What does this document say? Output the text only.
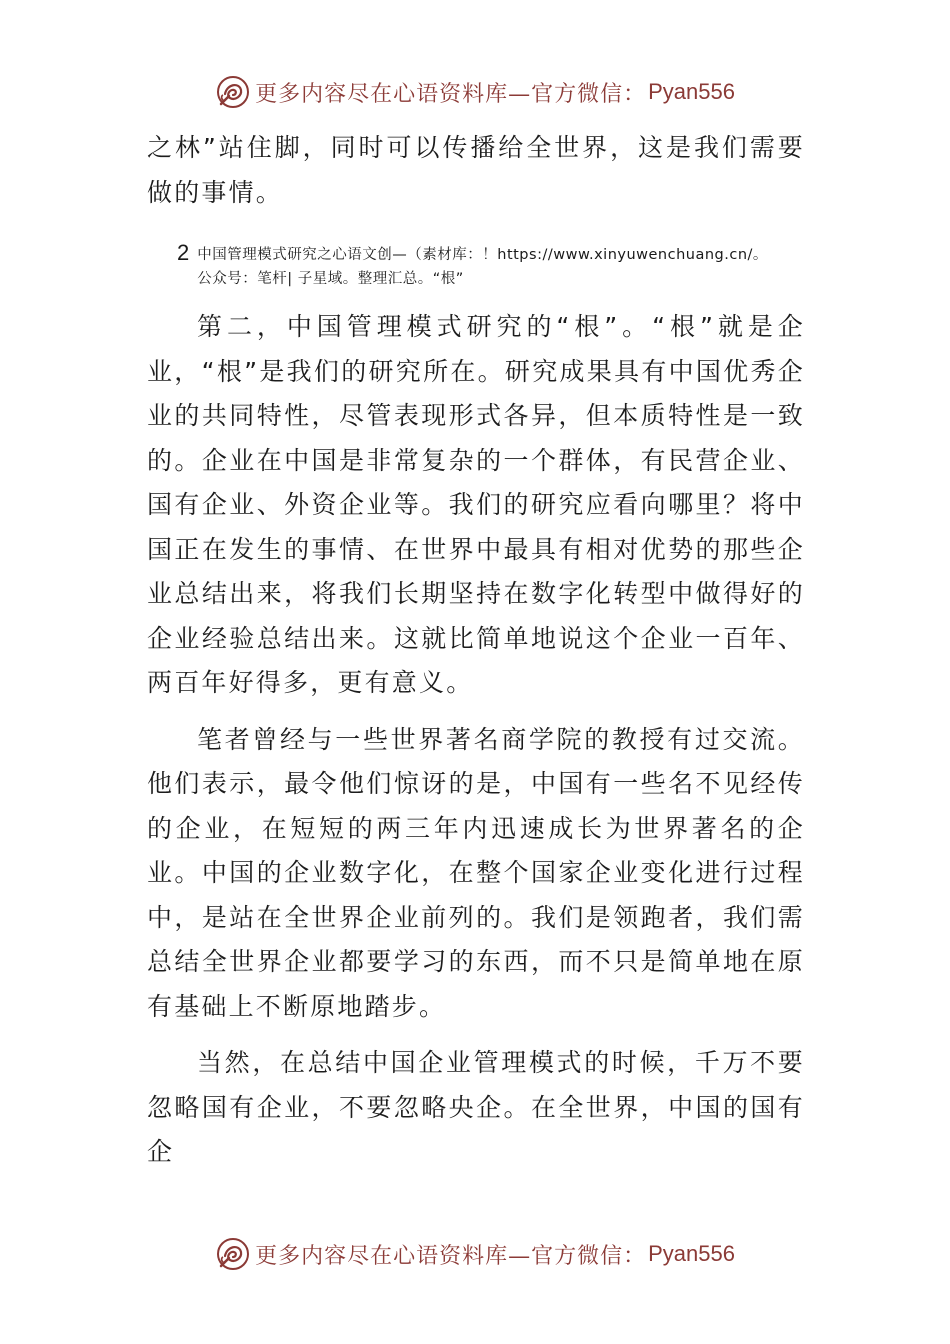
更多内容尽在心语资料库—官方微信： Pyan556

之林”站住脚，同时可以传播给全世界，这是我们需要做的事情。

2 中国管理模式研究之心语文创—（素材库：！https://www.xinyuwenchuang.cn/。公众号：笔杆| 子星域。整理汇总。“根”

第二，中国管理模式研究的“根”。“根”就是企业，“根”是我们的研究所在。研究成果具有中国优秀企业的共同特性，尽管表现形式各异，但本质特性是一致的。企业在中国是非常复杂的一个群体，有民营企业、国有企业、外资企业等。我们的研究应看向哪里？将中国正在发生的事情、在世界中最具有相对优势的那些企业总结出来，将我们长期坚持在数字化转型中做得好的企业经验总结出来。这就比简单地说这个企业一百年、两百年好得多，更有意义。

笔者曾经与一些世界著名商学院的教授有过交流。他们表示，最令他们惊讶的是，中国有一些名不见经传的企业，在短短的两三年内迅速成长为世界著名的企业。中国的企业数字化，在整个国家企业变化进行过程中，是站在全世界企业前列的。我们是领跑者，我们需总结全世界企业都要学习的东西，而不只是简单地在原有基础上不断原地踏步。

当然，在总结中国企业管理模式的时候，千万不要忽略国有企业，不要忽略央企。在全世界，中国的国有企

更多内容尽在心语资料库—官方微信： Pyan556
